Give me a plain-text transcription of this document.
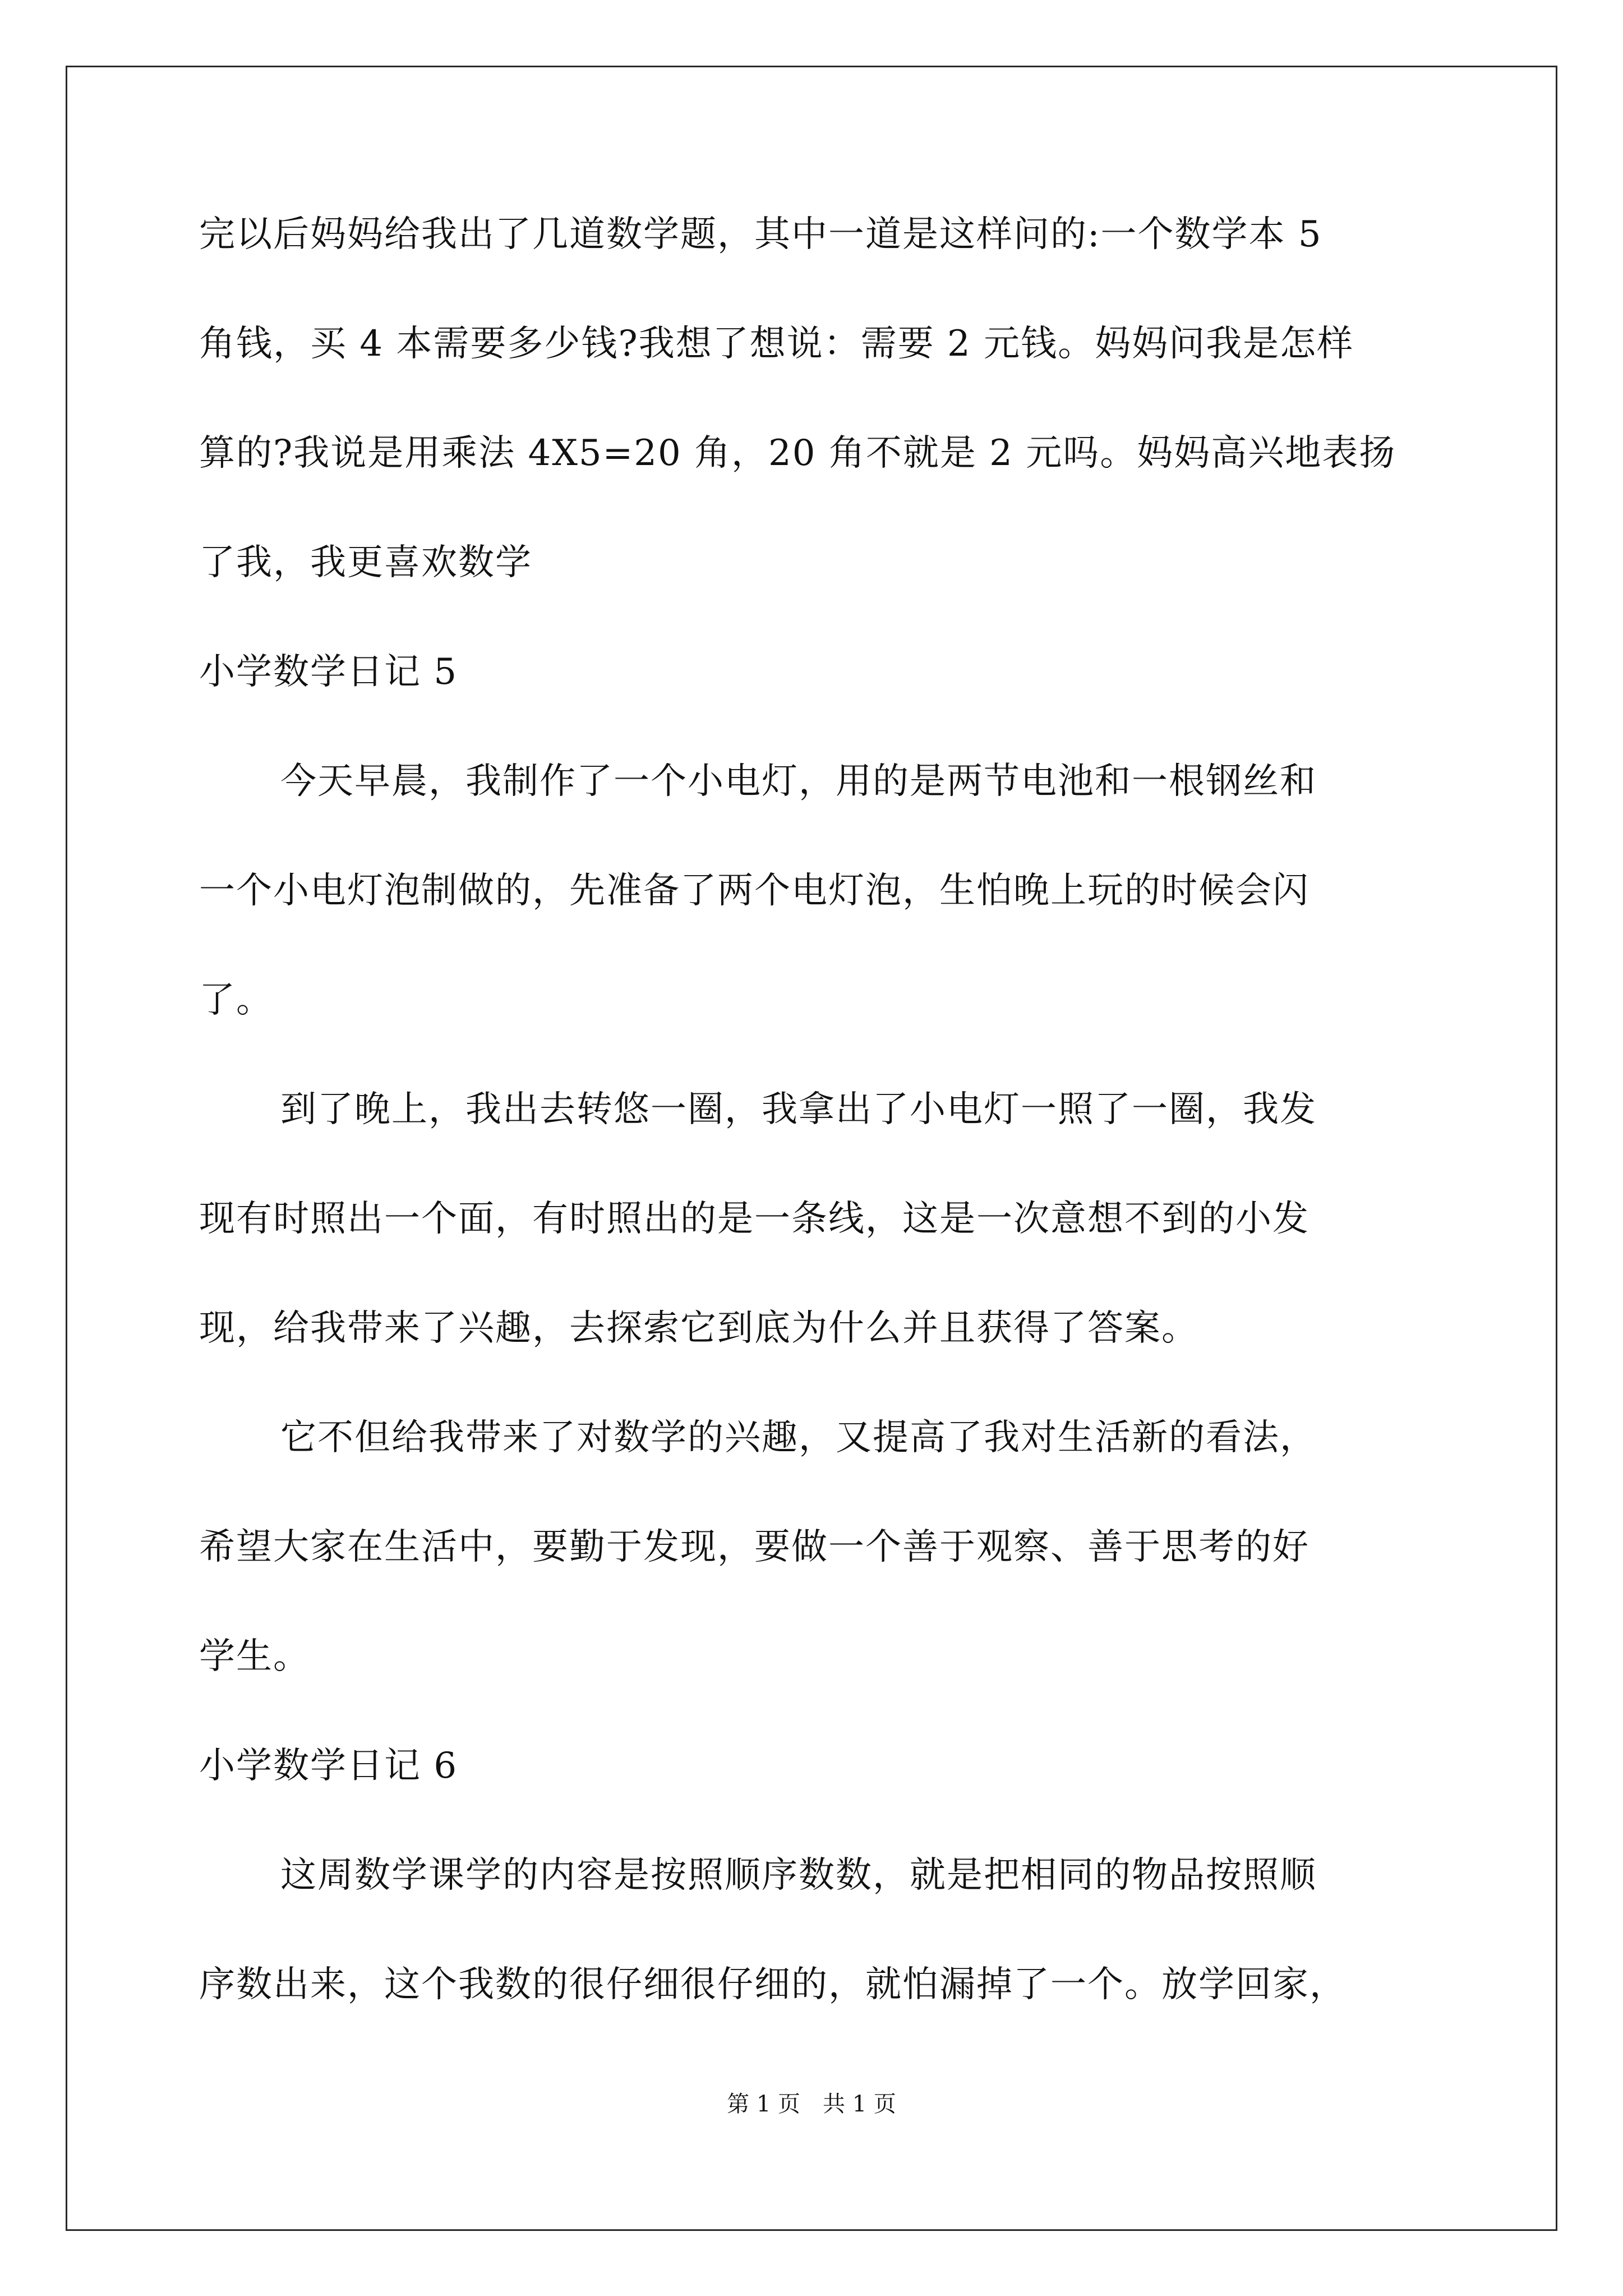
完以后妈妈给我出了几道数学题，其中一道是这样问的:一个数学本 5
角钱，买 4 本需要多少钱?我想了想说：需要 2 元钱。妈妈问我是怎样
算的?我说是用乘法 4X5=20 角，20 角不就是 2 元吗。妈妈高兴地表扬
了我，我更喜欢数学
小学数学日记 5
今天早晨，我制作了一个小电灯，用的是两节电池和一根钢丝和
一个小电灯泡制做的，先准备了两个电灯泡，生怕晚上玩的时候会闪
了。
到了晚上，我出去转悠一圈，我拿出了小电灯一照了一圈，我发
现有时照出一个面，有时照出的是一条线，这是一次意想不到的小发
现，给我带来了兴趣，去探索它到底为什么并且获得了答案。
它不但给我带来了对数学的兴趣，又提高了我对生活新的看法，
希望大家在生活中，要勤于发现，要做一个善于观察、善于思考的好
学生。
小学数学日记 6
这周数学课学的内容是按照顺序数数，就是把相同的物品按照顺
序数出来，这个我数的很仔细很仔细的，就怕漏掉了一个。放学回家，
第 1 页　共 1 页
